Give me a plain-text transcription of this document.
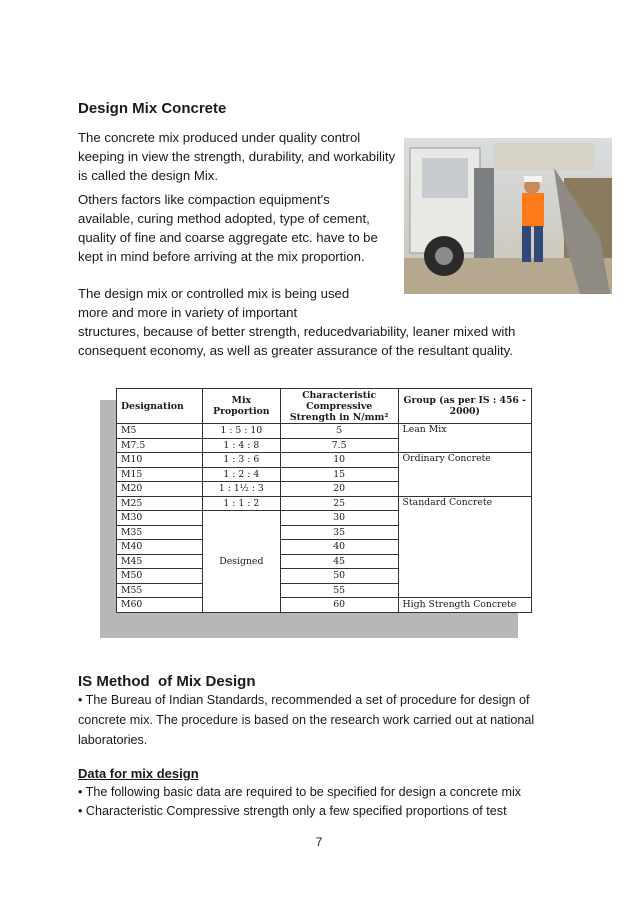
Design Mix Concrete
The concrete mix produced under quality control keeping in view the strength, durability, and workability is called the design Mix.
Others factors like compaction equipment's available, curing method adopted, type of cement, quality of fine and coarse aggregate etc. have to be kept in mind before arriving at the mix proportion.
The design mix or controlled mix is being used more and more in variety of important
structures, because of better strength, reducedvariability, leaner mixed with consequent economy, as well as greater assurance of the resultant quality.
Designation	Mix Proportion	Characteristic Compressive Strength in N/mm²	Group (as per IS : 456 - 2000)
M5	1 : 5 : 10	5	Lean Mix
M7.5	1 : 4 : 8	7.5	
M10	1 : 3 : 6	10	Ordinary Concrete
M15	1 : 2 : 4	15	
M20	1 : 1½ : 3	20	
M25	1 : 1 : 2	25	Standard Concrete
M30	Designed	30	
M35		35	
M40		40	
M45		45	
M50		50	
M55		55	
M60		60	High Strength Concrete
IS Method  of Mix Design
• The Bureau of Indian Standards, recommended a set of procedure for design of concrete mix. The procedure is based on the research work carried out at national laboratories.
Data for mix design
• The following basic data are required to be specified for design a concrete mix
• Characteristic Compressive strength only a few specified proportions of test
7
